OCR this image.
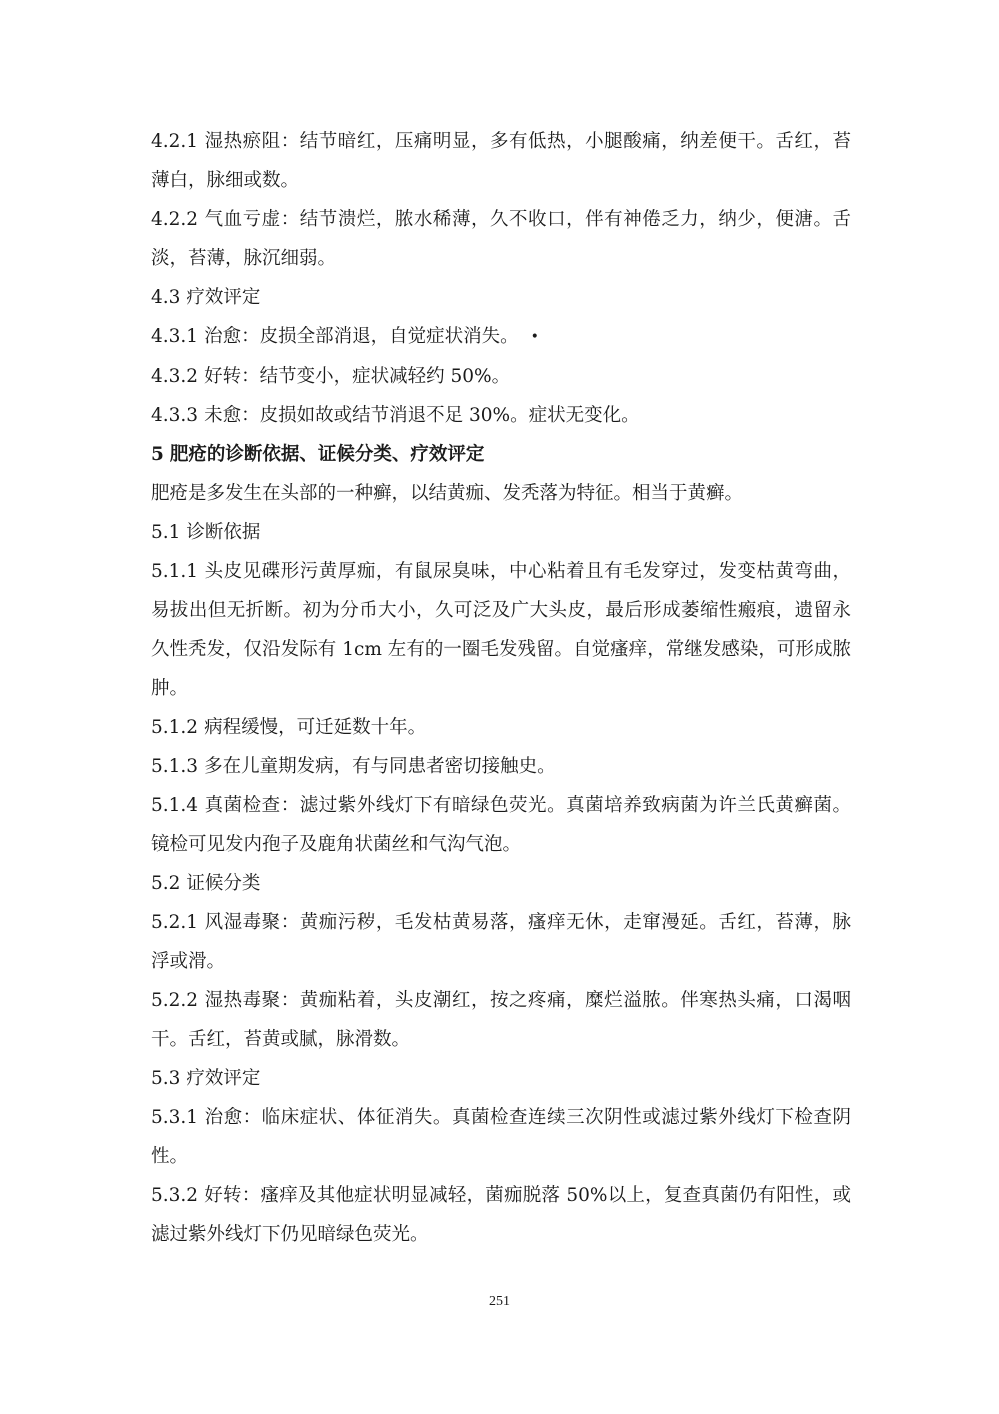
4.2.1 湿热瘀阻：结节暗红，压痛明显，多有低热，小腿酸痛，纳差便干。舌红，苔薄白，脉细或数。

4.2.2 气血亏虚：结节溃烂，脓水稀薄，久不收口，伴有神倦乏力，纳少，便溏。舌淡，苔薄，脉沉细弱。

4.3 疗效评定

4.3.1 治愈：皮损全部消退，自觉症状消失。 •

4.3.2 好转：结节变小，症状减轻约 50%。

4.3.3 未愈：皮损如故或结节消退不足 30%。症状无变化。

5 肥疮的诊断依据、证候分类、疗效评定

肥疮是多发生在头部的一种癣，以结黄痂、发秃落为特征。相当于黄癣。

5.1 诊断依据

5.1.1 头皮见碟形污黄厚痂，有鼠尿臭味，中心粘着且有毛发穿过，发变枯黄弯曲，易拔出但无折断。初为分币大小，久可泛及广大头皮，最后形成萎缩性瘢痕，遗留永久性秃发，仅沿发际有 1cm 左有的一圈毛发残留。自觉瘙痒，常继发感染，可形成脓肿。

5.1.2 病程缓慢，可迁延数十年。

5.1.3 多在儿童期发病，有与同患者密切接触史。

5.1.4 真菌检查：滤过紫外线灯下有暗绿色荧光。真菌培养致病菌为许兰氏黄癣菌。镜检可见发内孢子及鹿角状菌丝和气沟气泡。

5.2 证候分类

5.2.1 风湿毒聚：黄痂污秽，毛发枯黄易落，瘙痒无休，走窜漫延。舌红，苔薄，脉浮或滑。

5.2.2 湿热毒聚：黄痂粘着，头皮潮红，按之疼痛，糜烂溢脓。伴寒热头痛，口渴咽干。舌红，苔黄或腻，脉滑数。

5.3 疗效评定

5.3.1 治愈：临床症状、体征消失。真菌检查连续三次阴性或滤过紫外线灯下检查阴性。

5.3.2 好转：瘙痒及其他症状明显减轻，菌痂脱落 50%以上，复查真菌仍有阳性，或滤过紫外线灯下仍见暗绿色荧光。

251
